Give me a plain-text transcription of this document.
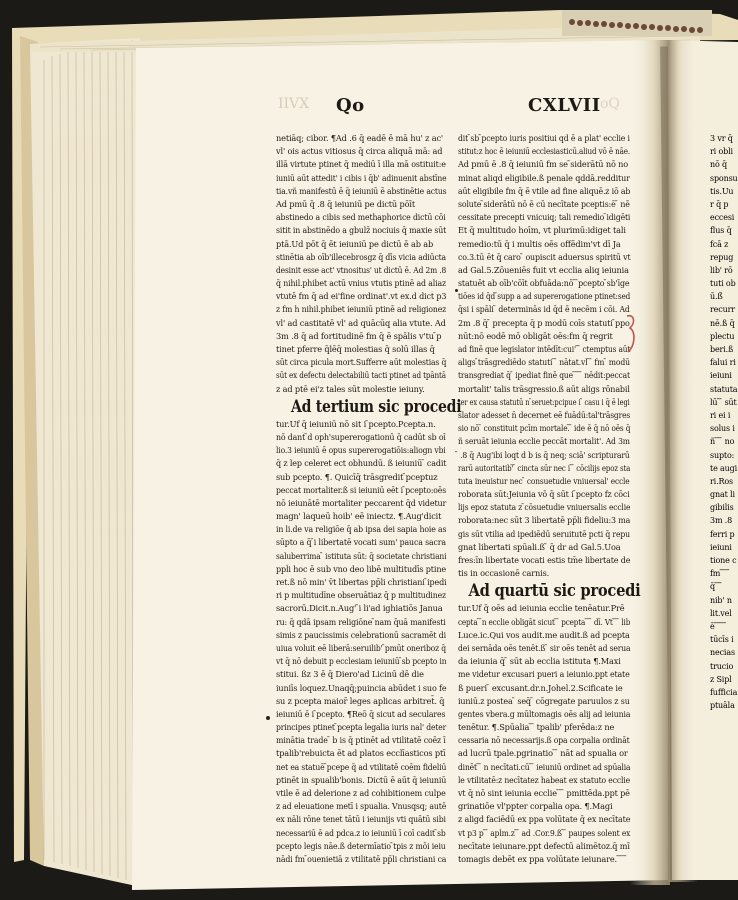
IIVX	oQ
Qo	CXLVII
netiāq; cibor. ¶Ad .6 q̄ eadē ē mā hu' z ac'
vl' ois actus vitiosus q̄ circa aliquā mā: ad
illā virtute ptinet q̄ mediū ī illa mā ostituit:e
iuniū aūt attedit' i cibis i q̄b' adinuenit abstīne
tia.vñ manifestū ē q̄ ieiuniū ē abstinētie actus
Ad pmū q̄ .8 q̄ ieiuniū pe dictū pōīt
abstinedo a cibis sed methaphorice dictū cōi
sitit in abstinēdo a gbulz̄ nociuis q̄ maxie sūt
ptā.Ud pōt q̄ ēt ieiuniū pe dictū ē ab ab
stinētia ab oīb'illecebrosgz q̄ dī̄s vicia adiūcta
desinit esse act' vtnositus' ut dictū ē. Ad 2m .8
q̄ nihil.phibet actū vnius vtutis ptinē ad aliaz
vtutē fm q̄ ad ei'fine ordinat'.vt ex.d dict̄ p3
z fm h nihil.phibet ieiuniū ptinē ad religionez
vl' ad castitatē vl' ad quācūq alia vtute. Ad
3m .8 q̄ ad fortitudinē fm q̄ ē spālis v'tu ̄p
tinet pferre q̄lēq̄ molestias q̄ solū illas q̄
sūt circa picula mort.Sufferre aūt molestias q̄
sūt ex defectu delectabiliū tacti ptinet ad tpāntā
z ad ptē ei'z tales sūt molestie ieiuny.
Ad tertium sic procedi
tur.Uf q̄ ieiuniū nō sit i ̄pcepto.Pcepta.n.
nō dant̄ ̄d oph'supererogationū q̄ cadūt sb oī
lio.3 ieiuniū ē opus supererogatiōis:aliogn vbi
q̄ z lep celeret ect obhundū. ß ieiuniū ̄ cadit
sub pcepto. ¶. Quicīq̄ trāsgredit ̄pceptuz
peccat mortaliter.ß si ieiuniū eēt i ̄pcepto:oēs
nō ieiunātē mortaliter peccarent q̄d videtur
magn' laqueū hoib' eē iniectz. ¶.Aug'dicit
in li.de va religiōe q̄ ab ipsa dei sapia hoie as
sūpto a q̄ ̄i libertatē vocati sum' pauca sacra
saluberrima ̄ istituta sūt: q̄ societate christiani
ppl̄i hoc ē sub vno deo libē multitudīs ptine
ret.ß nō min' v̄t libertas pp̄li christiani ̄ipedi
ri p multitudīne obseruātiaz q̄ p multitudinez
sacrorū.Dicit.n.Aug' ̄i li'ad ighiatiōs Janua
ru: q̄ qdā ipsam religiōne ̄nam q̄uā manifesti
simis z paucissimis celebrationū sacramēt di
uiua voluit eē liberā:seruilib' ̄pmūt oneriboz q̄
vt q̄ nō debuit p ecclesiam ieiuniū ̄sb pcepto in
stitui. ßz 3 ē q̄ Diero'ad Licinū dē die
iuniīs loquez.Unaqq̄;puincia abūdet i suo fe
su z pcepta maior̄ leges aplicas arbitret̄. q̄
ieiuniū ē i ̄pcepto. ¶Reō q̄ sicut ad seculares
principes ptinet ̄pcepta legalia iuris nal' deter
minātia trade ̄ b is q̄ ptinēt ad vtilitatē coēz ī
tpalib'rebuicta ēt ad platos ecclīasticos ptī
net ea statuē ̄pcepe q̄ ad vtilitatē coēm fideliū
ptinēt in spualib'bonis. Dictū ē aūt q̄ ieiuniū
vtile ē ad delerione z ad cohibitionem culpe
z ad eleuatione metī i spualia. Vnusqsq; autē
ex nāli rōne tenet̄ tātū i ieiunijs vti quātū sibi
necessariū ē ad pdca.z io ieiuniū ī coī cadit ̄sb
pcepto legis nāe.ß determīatio ̄tpis z mōi ieiu
nādi fm ̄ouenietiā z vtilitatē pp̄li christiani ca
dit ̄sb ̄pcepto iuris positiui qd ē a plat' ecclie i
stitut̄:z hoc ē ieiuniū ecclesiasticū.aliud vō ē nāe.
Ad pmū ē .8 q̄ ieiuniū fm se ̄siderātū nō no
minat aliqd eligibile.ß penale qddā.redditur
aūt eligibile fm q̄ ē vtile ad fine aliquē.z iō ab
solute ̄siderātū nō ē cū necītate pceptis:ē ̄ nē
cessitate precepti vnicuiq; tali remedio ̄idigēti
Et q̄ multitudo hoīm, vt plurimū:idiget tali
remedio:tū q̄ i multis oēs offēdim'vt dī Ja
co.3.tū ēt q̄ caro ̄ oupiscit aduersus spiritū vt
ad Gal.5.Zōueniēs fuit vt ecclia aliq ieiunia
statuēt ab oīb'cōīt obfuāda:nō ̄ ̄pcepto ̄sb'īge
tiōes id q̄d ̄supp a ad supererogatione ptinet:sed
q̄si i spāli ̄ determinās id q̄d ē necēm i cōi. Ad
2m .8 q̄ ̄ precepta q̄ p modū coīs statuti ̄ppo
nūt:nō eodē mō obligāt oēs:fm q̄ regrit
ad finē que legislator intēdīt:cui' ̄ ̄ ctemptus aūt
aligs ̄trāsgrediēdo statuti ̄ ̄ nātat.vl ̄ ̄ fm ̄ modū
transgrediat q̄ ̄ ipediat finē que ̄ ̄ ̄ ̄ nēdit:peccat
mortalit' talis trāsgressio.ß aūt aligs rōnabil
ter ex causa statutū n ̄seruet:pcipue i ̄ casu i q̄ ē legi
slator adesset n̄ decernet eē fuādū:tal'trāsgres
sio nō ̄ constituit pcīm mortale.̄ ̄ ide ē q̄ nō oēs q̄
ñ seruāt ieiunia ecclie peccāt mortalit'. Ad 3m
̄ .8 q̄ Aug'ibi loqt̄ d b is q̄ neq; sciā' scripturarū
rarū autoritatib'̄ ̄ cincta sūr nec i ̄ ̄ cōcilijs epoz sta
tuta ineuistur nec ̄ consuetudie vniuersal' eccle
roborata sūt:Jeiunia vō q̄ sūt i ̄pcepto fz cōci
lijs epoz statuta z ̄cōsuetudie vniuersalis ecclie
roborata:nec sūt 3 libertatē pp̄li fideliu:3 ma
gis sūt vtilia ad ipediēdū seruitutē pcti q̄ repu
gnat libertati spūali.ß ̄ q̄ dr ad Gal.5.Uoa
fres:īn libertate vocati estis tm̄e libertate de
tis in occasionē carnis.
Ad quartū sic procedi
tur.Uf q̄ oēs ad ieiunia ecclie tenēatur.Prē
cepta ̄ ̄n ecclie obligāt sicut ̄ ̄ pcepta ̄ ̄ ̄ dī. Vt ̄ ̄ ̄ lib
Luce.ic.Qui vos audit.me audit.ß ad pcepta
dei sernāda oēs tenēt̄.ß ̄ sir oēs tenēt ad serua
da ieiunia q̄ ̄ sūt ab ecclia istituta ¶.Maxi
me videtur excusari pueri a ieiunio.ppt etate
ß pueri ̄ excusant.dr.n.Johel.2.Scificate ie
iuniū.z postea ̄ seq̄ ̄ cōgregate paruulos z su
gentes vbera.g mūltomagis oēs alij ad ieiunia
tenētur. ¶.Spūalia ̄ ̄ tpalib' pferēda:z ne
cessaria nō necessarijs.ß opa corpalia ordināt
ad lucrū tpale.pgrinatio ̄ ̄ nāt ad spualia or
dinēt ̄ ̄ n necītati.cū ̄ ̄ ieiuniū ordinet ad spūalia
le vtilitatē:z necītatez habeat ex statuto ecclie
vt q̄ nō sint ieiunia ecclie ̄ ̄ ̄ pmittēda.ppt pē
grinatiōe vl'ppter corpalia opa. ¶.Magi
z aligd faciēdū ex ppa volūtate q̄ ex necītate
vt p3 p ̄ ̄ apl̄m.z ̄ ̄ ad .Cor.9.ß ̄ ̄ paupes solent ex
necītate ieiunare.ppt defectū alimētoz.q̄ mī
tomagis debēt ex ppa volūtate ieiunare. ̄ ̄ ̄ ̄
3 vr q̄
ri obli
nō q̄
sponsu
tis.Uu
r q̄ p
eccesi
flus q̄
fcā z
repug
lib' rō
tuti ob
ū.ß̄
recurr
nē.ß q̄
plectu
beri.ß
falui ri
ieiuni
statuta
lū ̄ ̄ sūt
ri ei i
solus i
ñ ̄ ̄ ̄ no
supto:
te augi
ri.Ros
gnat li
gibilis
3m .8
ferri p
ieiuni
tione c
fm ̄ ̄ ̄ ̄
q̄ ̄ ̄ ̄
nib' n
lit.vel
ē ̄ ̄ ̄ ̄ ̄
tūcīs i
necias
trucio
z Sipl
fufficia
ptuāla
